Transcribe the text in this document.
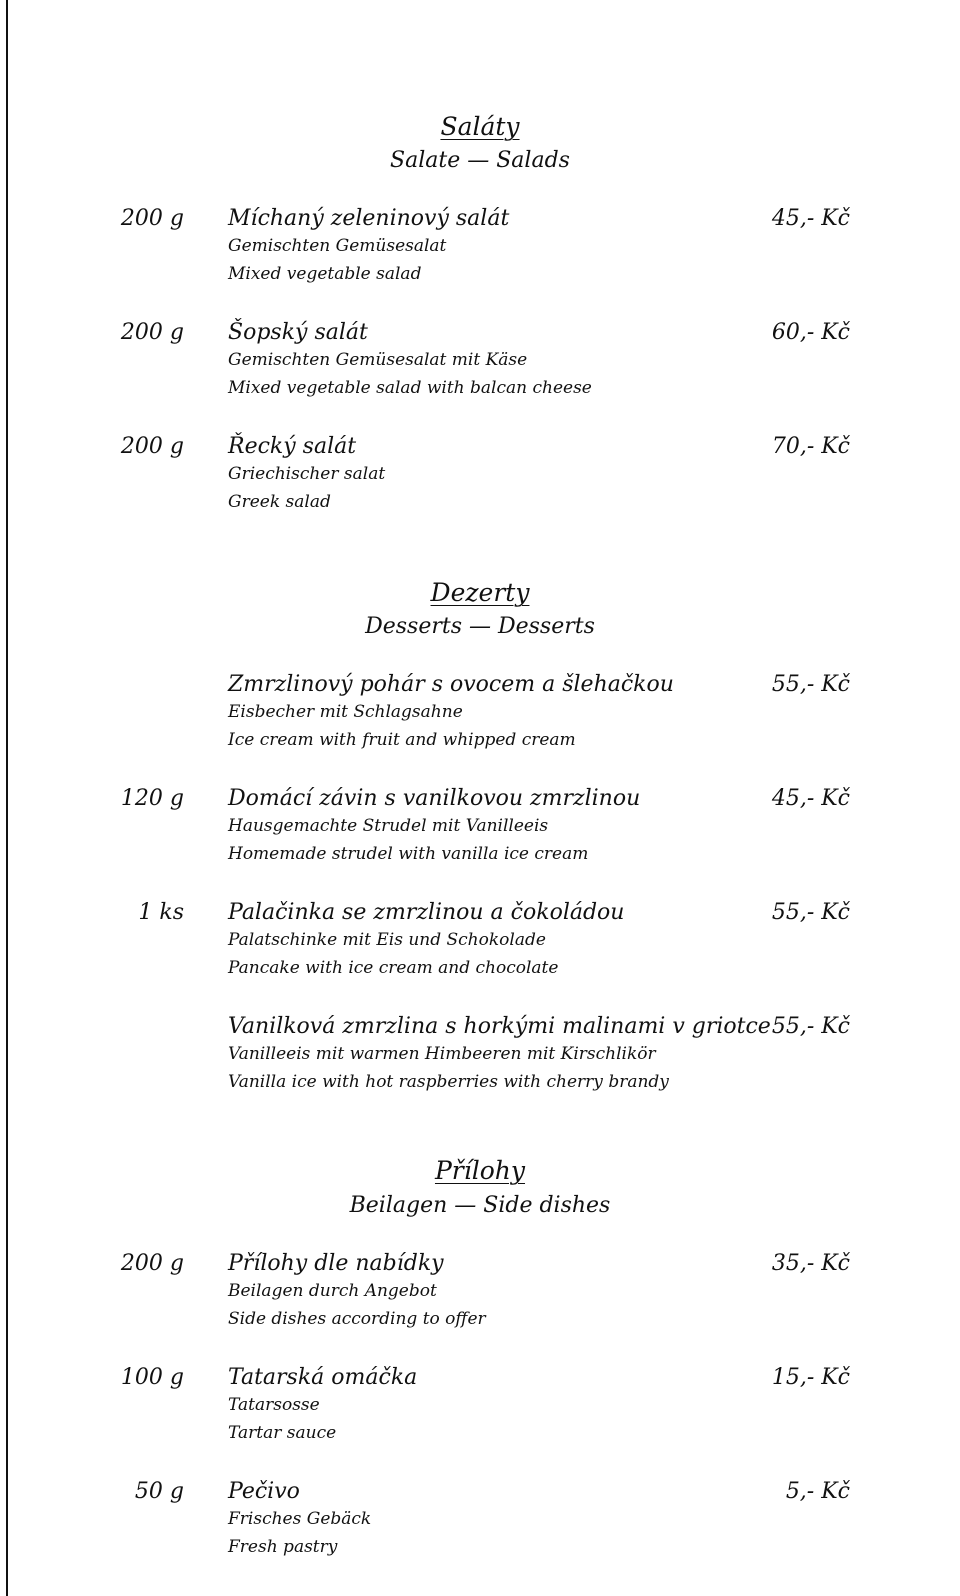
Saláty
Salate — Salads
200 g Míchaný zeleninový salát	45,- Kč
Gemischten Gemüsesalat
Mixed vegetable salad
200 g Šopský salát	60,- Kč
Gemischten Gemüsesalat mit Käse
Mixed vegetable salad with balcan cheese
200 g Řecký salát	70,- Kč
Griechischer salat
Greek salad
Dezerty
Desserts — Desserts
Zmrzlinový pohár s ovocem a šlehačkou	55,- Kč
Eisbecher mit Schlagsahne
Ice cream with fruit and whipped cream
120 g Domácí závin s vanilkovou zmrzlinou	45,- Kč
Hausgemachte Strudel mit Vanilleeis
Homemade strudel with vanilla ice cream
1 ks Palačinka se zmrzlinou a čokoládou	55,- Kč
Palatschinke mit Eis und Schokolade
Pancake with ice cream and chocolate
Vanilková zmrzlina s horkými malinami v griotce 55,- Kč
Vanilleeis mit warmen Himbeeren mit Kirschlikör
Vanilla ice with hot raspberries with cherry brandy
Přílohy
Beilagen — Side dishes
200 g Přílohy dle nabídky	35,- Kč
Beilagen durch Angebot
Side dishes according to offer
100 g Tatarská omáčka	15,- Kč
Tatarsosse
Tartar sauce
50 g Pečivo	5,- Kč
Frisches Gebäck
Fresh pastry
